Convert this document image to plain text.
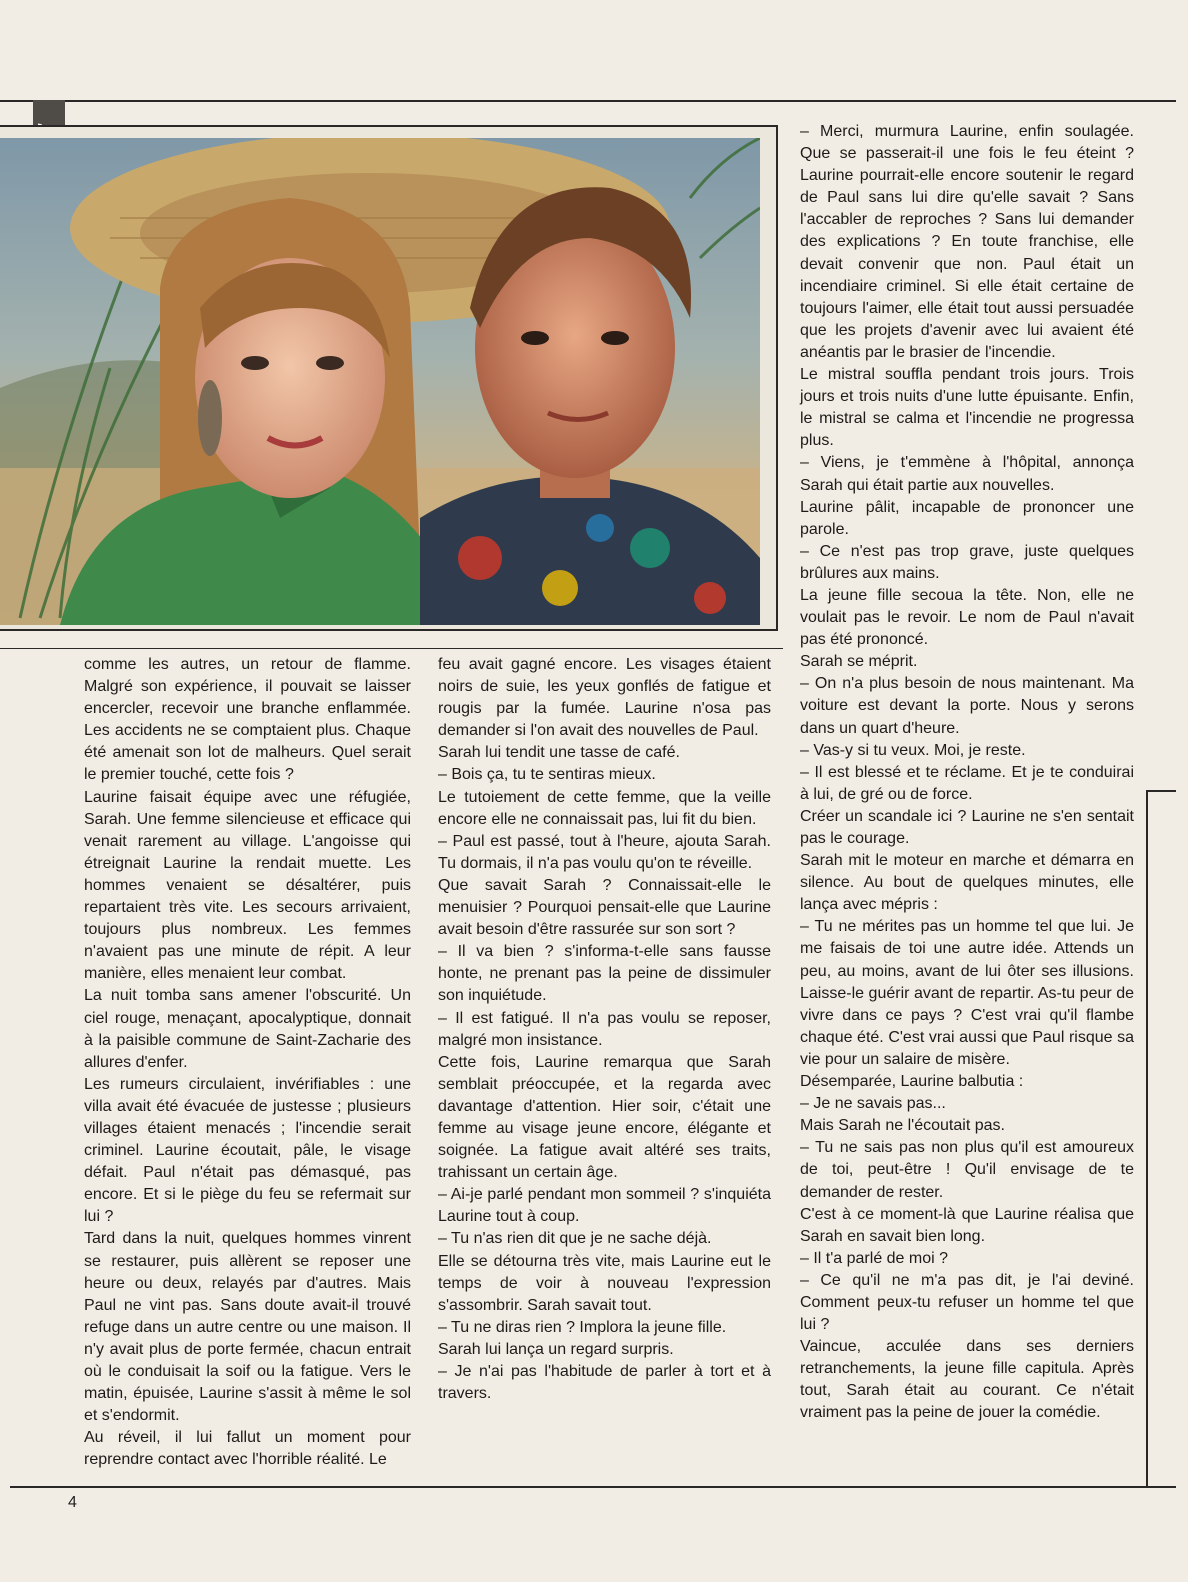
comme les autres, un retour de flamme. Malgré son expérience, il pouvait se laisser encercler, recevoir une branche enflammée. Les accidents ne se comptaient plus. Chaque été amenait son lot de malheurs. Quel serait le premier touché, cette fois ?

Laurine faisait équipe avec une réfugiée, Sarah. Une femme silencieuse et efficace qui venait rarement au village. L'angoisse qui étreignait Laurine la rendait muette. Les hommes venaient se désaltérer, puis repartaient très vite. Les secours arrivaient, toujours plus nombreux. Les femmes n'avaient pas une minute de répit. A leur manière, elles menaient leur combat.

La nuit tomba sans amener l'obscurité. Un ciel rouge, menaçant, apocalyptique, donnait à la paisible commune de Saint-Zacharie des allures d'enfer.

Les rumeurs circulaient, invérifiables : une villa avait été évacuée de justesse ; plusieurs villages étaient menacés ; l'incendie serait criminel. Laurine écoutait, pâle, le visage défait. Paul n'était pas démasqué, pas encore. Et si le piège du feu se refermait sur lui ?

Tard dans la nuit, quelques hommes vinrent se restaurer, puis allèrent se reposer une heure ou deux, relayés par d'autres. Mais Paul ne vint pas. Sans doute avait-il trouvé refuge dans un autre centre ou une maison. Il n'y avait plus de porte fermée, chacun entrait où le conduisait la soif ou la fatigue. Vers le matin, épuisée, Laurine s'assit à même le sol et s'endormit.

Au réveil, il lui fallut un moment pour reprendre contact avec l'horrible réalité. Le

feu avait gagné encore. Les visages étaient noirs de suie, les yeux gonflés de fatigue et rougis par la fumée. Laurine n'osa pas demander si l'on avait des nouvelles de Paul.

Sarah lui tendit une tasse de café.

– Bois ça, tu te sentiras mieux.

Le tutoiement de cette femme, que la veille encore elle ne connaissait pas, lui fit du bien.

– Paul est passé, tout à l'heure, ajouta Sarah. Tu dormais, il n'a pas voulu qu'on te réveille.

Que savait Sarah ? Connaissait-elle le menuisier ? Pourquoi pensait-elle que Laurine avait besoin d'être rassurée sur son sort ?

– Il va bien ? s'informa-t-elle sans fausse honte, ne prenant pas la peine de dissimuler son inquiétude.

– Il est fatigué. Il n'a pas voulu se reposer, malgré mon insistance.

Cette fois, Laurine remarqua que Sarah semblait préoccupée, et la regarda avec davantage d'attention. Hier soir, c'était une femme au visage jeune encore, élégante et soignée. La fatigue avait altéré ses traits, trahissant un certain âge.

– Ai-je parlé pendant mon sommeil ? s'inquiéta Laurine tout à coup.

– Tu n'as rien dit que je ne sache déjà.

Elle se détourna très vite, mais Laurine eut le temps de voir à nouveau l'expression s'assombrir. Sarah savait tout.

– Tu ne diras rien ? Implora la jeune fille.

Sarah lui lança un regard surpris.

– Je n'ai pas l'habitude de parler à tort et à travers.

– Merci, murmura Laurine, enfin soulagée. Que se passerait-il une fois le feu éteint ? Laurine pourrait-elle encore soutenir le regard de Paul sans lui dire qu'elle savait ? Sans l'accabler de reproches ? Sans lui demander des explications ? En toute franchise, elle devait convenir que non. Paul était un incendiaire criminel. Si elle était certaine de toujours l'aimer, elle était tout aussi persuadée que les projets d'avenir avec lui avaient été anéantis par le brasier de l'incendie.

Le mistral souffla pendant trois jours. Trois jours et trois nuits d'une lutte épuisante. Enfin, le mistral se calma et l'incendie ne progressa plus.

– Viens, je t'emmène à l'hôpital, annonça Sarah qui était partie aux nouvelles.

Laurine pâlit, incapable de prononcer une parole.

– Ce n'est pas trop grave, juste quelques brûlures aux mains.

La jeune fille secoua la tête. Non, elle ne voulait pas le revoir. Le nom de Paul n'avait pas été prononcé.

Sarah se méprit.

– On n'a plus besoin de nous maintenant. Ma voiture est devant la porte. Nous y serons dans un quart d'heure.

– Vas-y si tu veux. Moi, je reste.

– Il est blessé et te réclame. Et je te conduirai à lui, de gré ou de force.

Créer un scandale ici ? Laurine ne s'en sentait pas le courage.

Sarah mit le moteur en marche et démarra en silence. Au bout de quelques minutes, elle lança avec mépris :

– Tu ne mérites pas un homme tel que lui. Je me faisais de toi une autre idée. Attends un peu, au moins, avant de lui ôter ses illusions. Laisse-le guérir avant de repartir. As-tu peur de vivre dans ce pays ? C'est vrai qu'il flambe chaque été. C'est vrai aussi que Paul risque sa vie pour un salaire de misère.

Désemparée, Laurine balbutia :

– Je ne savais pas...

Mais Sarah ne l'écoutait pas.

– Tu ne sais pas non plus qu'il est amoureux de toi, peut-être ! Qu'il envisage de te demander de rester.

C'est à ce moment-là que Laurine réalisa que Sarah en savait bien long.

– Il t'a parlé de moi ?

– Ce qu'il ne m'a pas dit, je l'ai deviné. Comment peux-tu refuser un homme tel que lui ?

Vaincue, acculée dans ses derniers retranchements, la jeune fille capitula. Après tout, Sarah était au courant. Ce n'était vraiment pas la peine de jouer la comédie.

4
